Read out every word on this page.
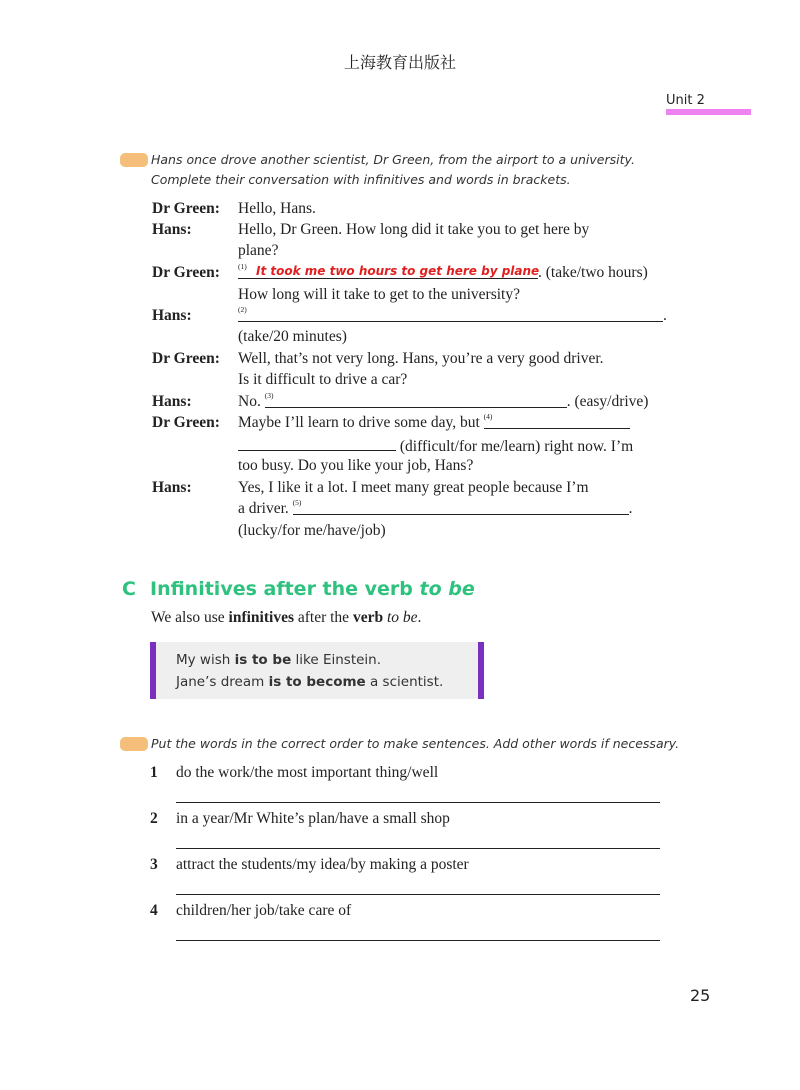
上海教育出版社
Unit 2
Hans once drove another scientist, Dr Green, from the airport to a university.
Complete their conversation with infinitives and words in brackets.
Dr Green: Hello, Hans.
Hans:	Hello, Dr Green. How long did it take you to get here by
plane?
Dr Green: $^{(1)}$ It took me two hours to get here by plane
. (take/two hours)
How long will it take to get to the university?
Hans:	$^{(2)}$	.
(take/20 minutes)
Dr Green: Well, that’s not very long. Hans, you’re a very good driver.
Is it difficult to drive a car?
Hans:	No. $^{(3)}$	. (easy/drive)
Dr Green: Maybe I’ll learn to drive some day, but $^{(4)}$
(difficult/for me/learn) right now. I’m
too busy. Do you like your job, Hans?
Hans:	Yes, I like it a lot. I meet many great people because I’m
a driver. $^{(5)}$	.
(lucky/for me/have/job)
C Infinitives after the verb to be
We also use infinitives after the verb to be.
My wish is to be like Einstein.
Jane’s dream is to become a scientist.
Put the words in the correct order to make sentences. Add other words if necessary.
1 do the work/the most important thing/well
2 in a year/Mr White’s plan/have a small shop
3 attract the students/my idea/by making a poster
4 children/her job/take care of
25
